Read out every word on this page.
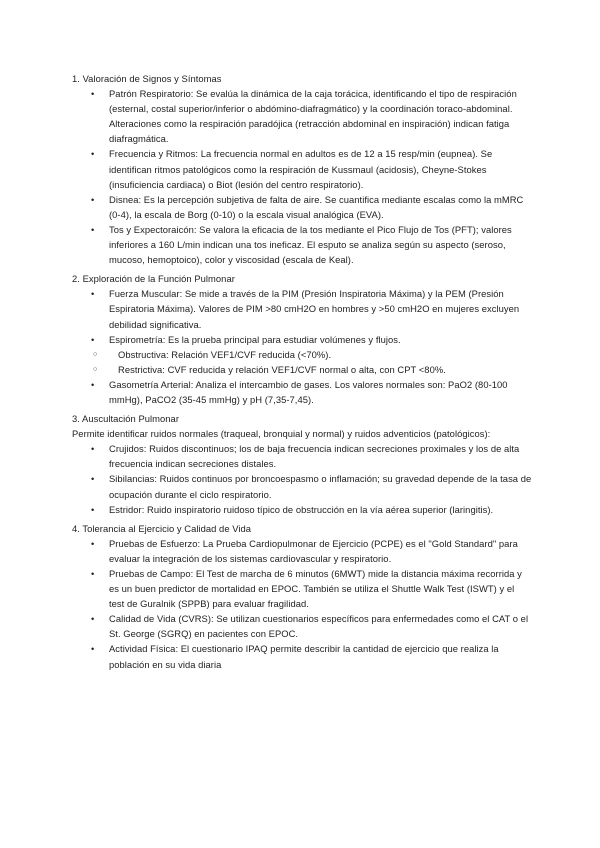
1. Valoración de Signos y Síntomas

• Patrón Respiratorio: Se evalúa la dinámica de la caja torácica, identificando el tipo de respiración (esternal, costal superior/inferior o abdómino-diafragmático) y la coordinación toraco-abdominal. Alteraciones como la respiración paradójica (retracción abdominal en inspiración) indican fatiga diafragmática.
• Frecuencia y Ritmos: La frecuencia normal en adultos es de 12 a 15 resp/min (eupnea). Se identifican ritmos patológicos como la respiración de Kussmaul (acidosis), Cheyne-Stokes (insuficiencia cardiaca) o Biot (lesión del centro respiratorio).
• Disnea: Es la percepción subjetiva de falta de aire. Se cuantifica mediante escalas como la mMRC (0-4), la escala de Borg (0-10) o la escala visual analógica (EVA).
• Tos y Expectoraicón: Se valora la eficacia de la tos mediante el Pico Flujo de Tos (PFT); valores inferiores a 160 L/min indican una tos ineficaz. El esputo se analiza según su aspecto (seroso, mucoso, hemoptoico), color y viscosidad (escala de Keal).

2. Exploración de la Función Pulmonar

• Fuerza Muscular: Se mide a través de la PIM (Presión Inspiratoria Máxima) y la PEM (Presión Espiratoria Máxima). Valores de PIM >80 cmH2O en hombres y >50 cmH2O en mujeres excluyen debilidad significativa.
• Espirometría: Es la prueba principal para estudiar volúmenes y flujos.
○ Obstructiva: Relación VEF1/CVF reducida (<70%).
○ Restrictiva: CVF reducida y relación VEF1/CVF normal o alta, con CPT <80%.
• Gasometría Arterial: Analiza el intercambio de gases. Los valores normales son: PaO2 (80-100 mmHg), PaCO2 (35-45 mmHg) y pH (7,35-7,45).

3. Auscultación Pulmonar

Permite identificar ruidos normales (traqueal, bronquial y normal) y ruidos adventicios (patológicos):

• Crujidos: Ruidos discontinuos; los de baja frecuencia indican secreciones proximales y los de alta frecuencia indican secreciones distales.
• Sibilancias: Ruidos continuos por broncoespasmo o inflamación; su gravedad depende de la tasa de ocupación durante el ciclo respiratorio.
• Estridor: Ruido inspiratorio ruidoso típico de obstrucción en la vía aérea superior (laringitis).

4. Tolerancia al Ejercicio y Calidad de Vida

• Pruebas de Esfuerzo: La Prueba Cardiopulmonar de Ejercicio (PCPE) es el "Gold Standard" para evaluar la integración de los sistemas cardiovascular y respiratorio.
• Pruebas de Campo: El Test de marcha de 6 minutos (6MWT) mide la distancia máxima recorrida y es un buen predictor de mortalidad en EPOC. También se utiliza el Shuttle Walk Test (ISWT) y el test de Guralnik (SPPB) para evaluar fragilidad.
• Calidad de Vida (CVRS): Se utilizan cuestionarios específicos para enfermedades como el CAT o el St. George (SGRQ) en pacientes con EPOC.
• Actividad Física: El cuestionario IPAQ permite describir la cantidad de ejercicio que realiza la población en su vida diaria
